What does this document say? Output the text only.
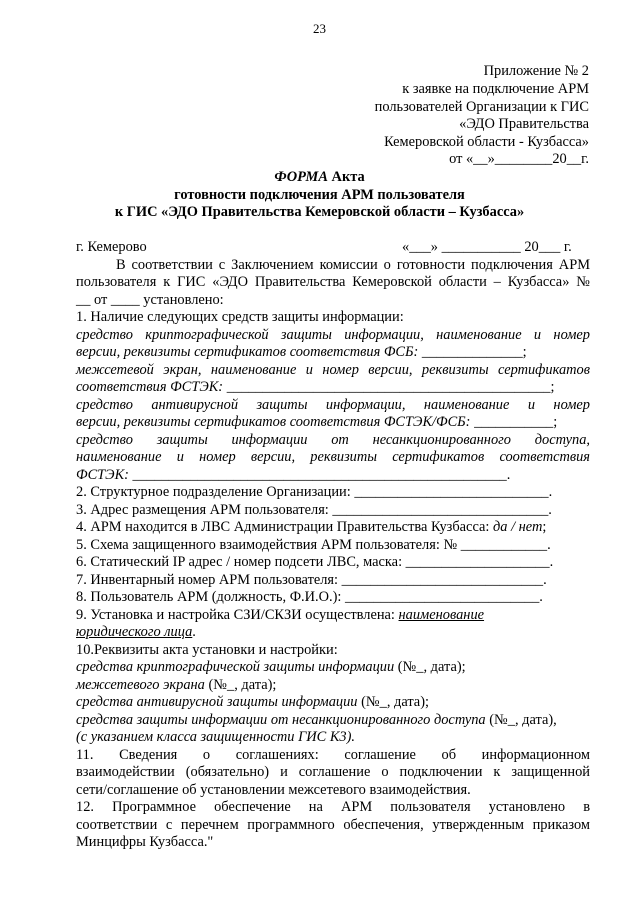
23
Приложение № 2
к заявке на подключение АРМ
пользователей Организации к ГИС
«ЭДО Правительства
Кемеровской области - Кузбасса»
от «__»________20__г.
ФОРМА Акта
готовности подключения АРМ пользователя
к ГИС «ЭДО Правительства Кемеровской области – Кузбасса»
г. Кемерово	«___» ___________ 20___ г.
В соответствии с Заключением комиссии о готовности подключения АРМ
пользователя к ГИС «ЭДО Правительства Кемеровской области – Кузбасса» №
__ от ____ установлено:
1. Наличие следующих средств защиты информации:
средство криптографической защиты информации, наименование и номер
версии, реквизиты сертификатов соответствия ФСБ: ______________;
межсетевой экран, наименование и номер версии, реквизиты сертификатов
соответствия ФСТЭК: _____________________________________________;
средство антивирусной защиты информации, наименование и номер
версии, реквизиты сертификатов соответствия ФСТЭК/ФСБ: ___________;
средство защиты информации от несанкционированного доступа,
наименование и номер версии, реквизиты сертификатов соответствия
ФСТЭК: ____________________________________________________.
2. Структурное подразделение Организации: ___________________________.
3. Адрес размещения АРМ пользователя: ______________________________.
4. АРМ находится в ЛВС Администрации Правительства Кузбасса: да / нет;
5. Схема защищенного взаимодействия АРМ пользователя: № ____________.
6. Статический IP адрес / номер подсети ЛВС, маска: ____________________.
7. Инвентарный номер АРМ пользователя: ____________________________.
8. Пользователь АРМ (должность, Ф.И.О.): ___________________________.
9. Установка и настройка СЗИ/СКЗИ осуществлена: наименование
юридического лица.
10.Реквизиты акта установки и настройки:
средства криптографической защиты информации (№_, дата);
межсетевого экрана (№_, дата);
средства антивирусной защиты информации (№_, дата);
средства защиты информации от несанкционированного доступа (№_, дата),
(с указанием класса защищенности ГИС К3).
11. Сведения о соглашениях: соглашение об информационном
взаимодействии (обязательно) и соглашение о подключении к защищенной
сети/соглашение об установлении межсетевого взаимодействия.
12. Программное обеспечение на АРМ пользователя установлено в
соответствии с перечнем программного обеспечения, утвержденным приказом
Минцифры Кузбасса."
